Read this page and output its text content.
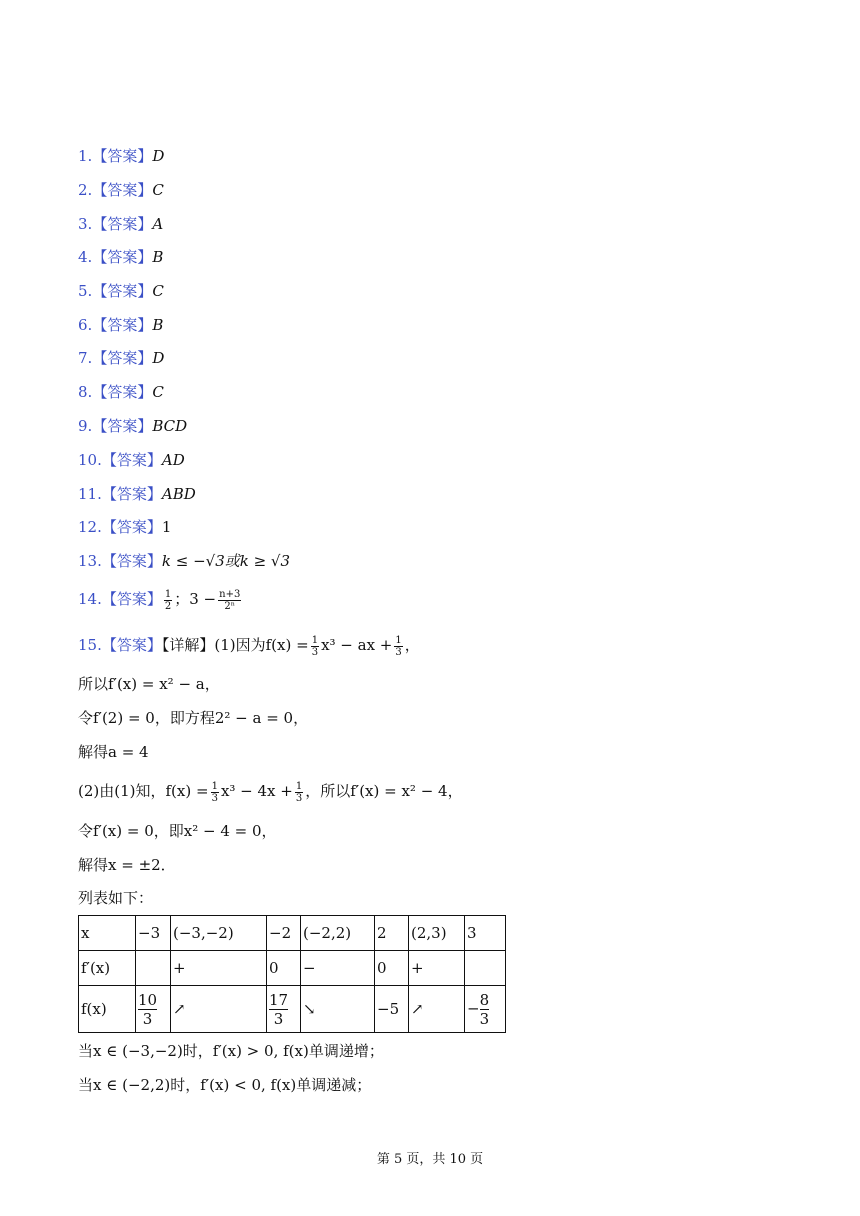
1.【答案】D
2.【答案】C
3.【答案】A
4.【答案】B
5.【答案】C
6.【答案】B
7.【答案】D
8.【答案】C
9.【答案】BCD
10.【答案】AD
11.【答案】ABD
12.【答案】1
13.【答案】k ≤ −√3或k ≥ √3
14.【答案】 $\frac{1}{2}$ ；$3 - \frac{n+3}{\text{2ⁿ}}$
15.【答案】【详解】(1)因为$f(x) = \frac{1}{3} x^3$ − ax + $\frac{1}{3}$ ，
所以f′(x) = x² − a，
令f′(2) = 0，即方程2² − a = 0，
解得a = 4
(2)由(1)知，$f(x) = \frac{1}{3} x^3 - 4x + \frac{1}{3}$ ，所以f′(x) = x² − 4，
令f′(x) = 0，即x² − 4 = 0，
解得x = ±2．
列表如下：
x	−3	(−3,−2)	−2	(−2,2)	2	(2,3)	3
f′(x)		+	0	−	0	+	
f(x)	$\frac{10}{3}$	↗	$\frac{17}{3}$	↘	−5	↗	− $\frac{8}{3}$
当x ∈ (−3,−2)时，f′(x) > 0, f(x)单调递增；
当x ∈ (−2,2)时，f′(x) < 0, f(x)单调递减；
第 5 页，共 10 页
